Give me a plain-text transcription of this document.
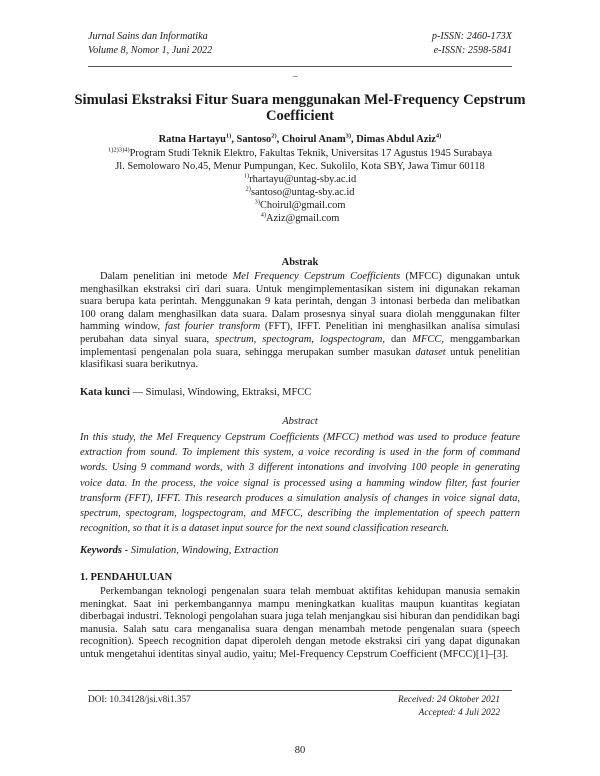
Jurnal Sains dan Informatika	p-ISSN: 2460-173X
Volume 8, Nomor 1, Juni 2022	e-ISSN: 2598-5841
–
Simulasi Ekstraksi Fitur Suara menggunakan Mel-Frequency Cepstrum
Coefficient
Ratna Hartayu$^{1)}$, Santoso$^{2)}$, Choirul Anam$^{3)}$, Dimas Abdul Aziz$^{4)}$
$^{1)2)3)4)}$Program Studi Teknik Elektro, Fakultas Teknik, Universitas 17 Agustus 1945 Surabaya
Jl. Semolowaro No.45, Menur Pumpungan, Kec. Sukolilo, Kota SBY, Jawa Timur 60118
$^{1)}$rhartayu@untag-sby.ac.id
$^{2)}$santoso@untag-sby.ac.id
$^{3)}$Choirul@gmail.com
$^{4)}$Aziz@gmail.com
Abstrak

Dalam penelitian ini metode Mel Frequency Cepstrum Coefficients (MFCC) digunakan untuk menghasilkan ekstraksi ciri dari suara. Untuk mengimplementasikan sistem ini digunakan rekaman suara berupa kata perintah. Menggunakan 9 kata perintah, dengan 3 intonasi berbeda dan melibatkan 100 orang dalam menghasilkan data suara. Dalam prosesnya sinyal suara diolah menggunakan filter hamming window, fast fourier transform (FFT), IFFT. Penelitian ini menghasilkan analisa simulasi perubahan data sinyal suara, spectrum, spectogram, logspectogram, dan MFCC, menggambarkan implementasi pengenalan pola suara, sehingga merupakan sumber masukan dataset untuk penelitian klasifikasi suara berikutnya.

Kata kunci — Simulasi, Windowing, Ektraksi, MFCC
Abstract

In this study, the Mel Frequency Cepstrum Coefficients (MFCC) method was used to produce feature extraction from sound. To implement this system, a voice recording is used in the form of command words. Using 9 command words, with 3 different intonations and involving 100 people in generating voice data. In the process, the voice signal is processed using a hamming window filter, fast fourier transform (FFT), IFFT. This research produces a simulation analysis of changes in voice signal data, spectrum, spectogram, logspectogram, and MFCC, describing the implementation of speech pattern recognition, so that it is a dataset input source for the next sound classification research.

Keywords - Simulation, Windowing, Extraction
1. PENDAHULUAN

Perkembangan teknologi pengenalan suara telah membuat aktifitas kehidupan manusia semakin meningkat. Saat ini perkembangannya mampu meningkatkan kualitas maupun kuantitas kegiatan diberbagai industri. Teknologi pengolahan suara juga telah menjangkau sisi hiburan dan pendidikan bagi manusia. Salah satu cara menganalisa suara dengan menambah metode pengenalan suara (speech recognition). Speech recognition dapat diperoleh dengan metode ekstraksi ciri yang dapat digunakan untuk mengetahui identitas sinyal audio, yaitu; Mel-Frequency Cepstrum Coefficient (MFCC)[1]–[3].

DOI: 10.34128/jsi.v8i1.357	Received: 24 Oktober 2021
Accepted: 4 Juli 2022
80
